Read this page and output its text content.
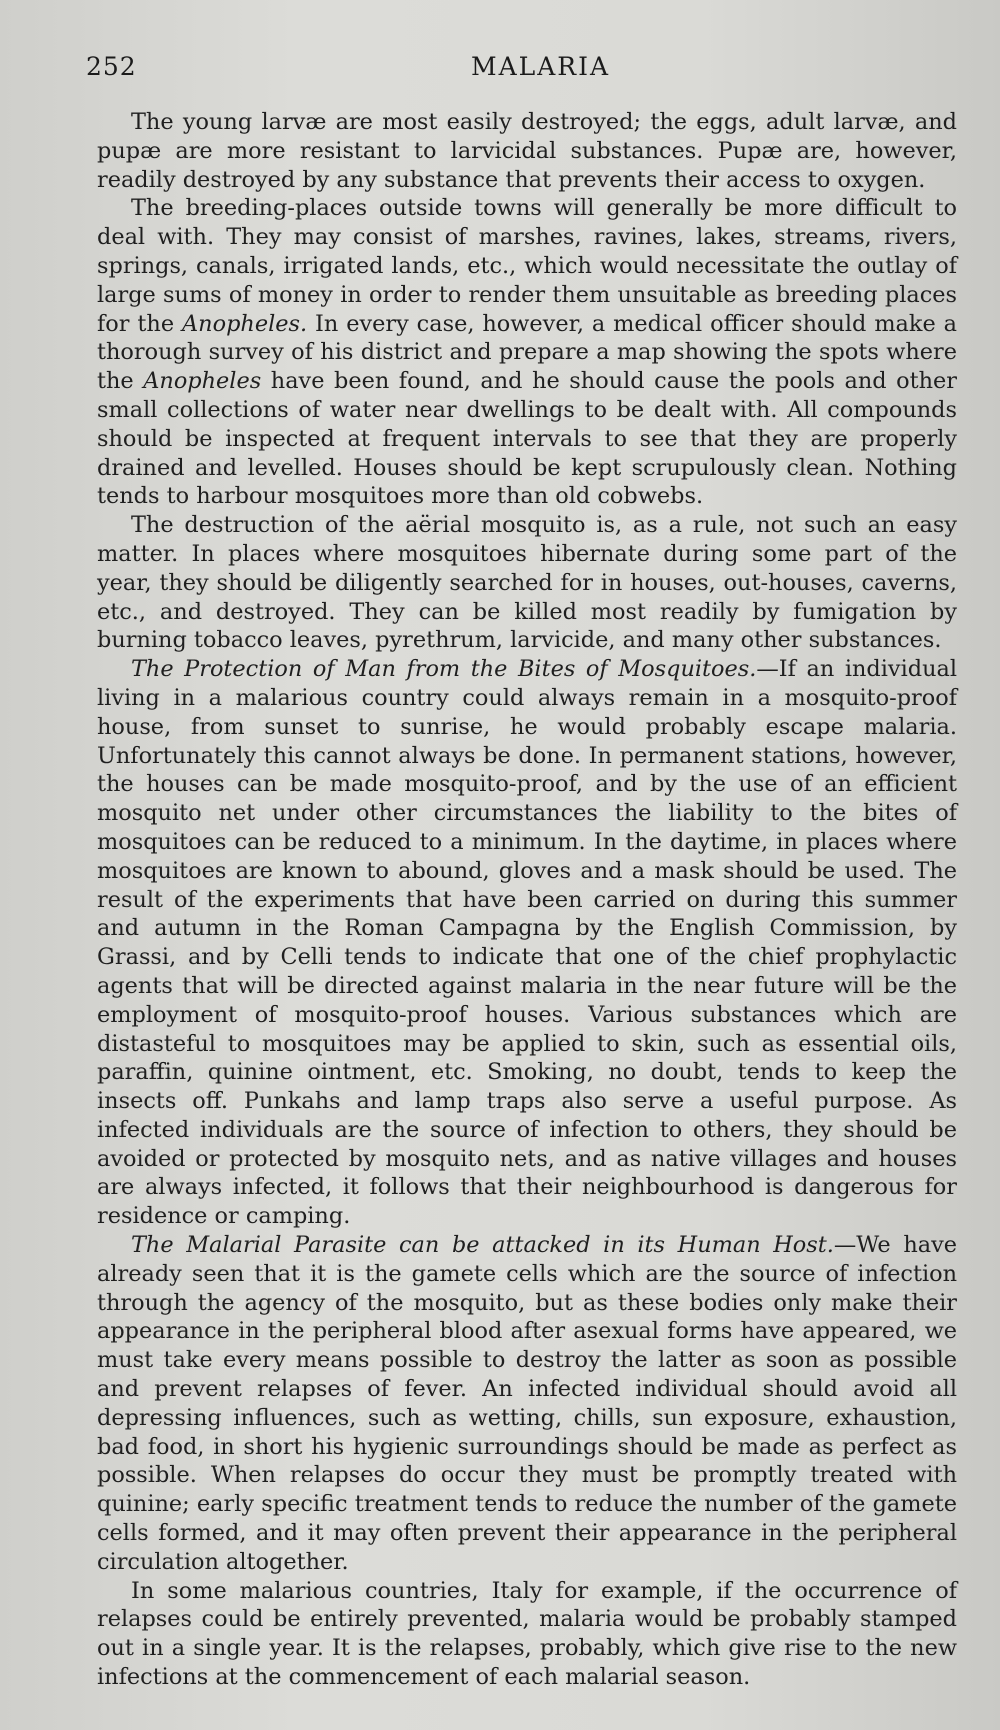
252	MALARIA

The young larvæ are most easily destroyed; the eggs, adult larvæ, and pupæ are more resistant to larvicidal substances. Pupæ are, however, readily destroyed by any substance that prevents their access to oxygen.

The breeding-places outside towns will generally be more difficult to deal with. They may consist of marshes, ravines, lakes, streams, rivers, springs, canals, irrigated lands, etc., which would necessitate the outlay of large sums of money in order to render them unsuitable as breeding places for the Anopheles. In every case, however, a medical officer should make a thorough survey of his district and prepare a map showing the spots where the Anopheles have been found, and he should cause the pools and other small collections of water near dwellings to be dealt with. All compounds should be inspected at frequent intervals to see that they are properly drained and levelled. Houses should be kept scrupulously clean. Nothing tends to harbour mosquitoes more than old cobwebs.

The destruction of the aërial mosquito is, as a rule, not such an easy matter. In places where mosquitoes hibernate during some part of the year, they should be diligently searched for in houses, out-houses, caverns, etc., and destroyed. They can be killed most readily by fumigation by burning tobacco leaves, pyrethrum, larvicide, and many other substances.

The Protection of Man from the Bites of Mosquitoes.—If an individual living in a malarious country could always remain in a mosquito-proof house, from sunset to sunrise, he would probably escape malaria. Unfortunately this cannot always be done. In permanent stations, however, the houses can be made mosquito-proof, and by the use of an efficient mosquito net under other circumstances the liability to the bites of mosquitoes can be reduced to a minimum. In the daytime, in places where mosquitoes are known to abound, gloves and a mask should be used. The result of the experiments that have been carried on during this summer and autumn in the Roman Campagna by the English Commission, by Grassi, and by Celli tends to indicate that one of the chief prophylactic agents that will be directed against malaria in the near future will be the employment of mosquito-proof houses. Various substances which are distasteful to mosquitoes may be applied to skin, such as essential oils, paraffin, quinine ointment, etc. Smoking, no doubt, tends to keep the insects off. Punkahs and lamp traps also serve a useful purpose. As infected individuals are the source of infection to others, they should be avoided or protected by mosquito nets, and as native villages and houses are always infected, it follows that their neighbourhood is dangerous for residence or camping.

The Malarial Parasite can be attacked in its Human Host.—We have already seen that it is the gamete cells which are the source of infection through the agency of the mosquito, but as these bodies only make their appearance in the peripheral blood after asexual forms have appeared, we must take every means possible to destroy the latter as soon as possible and prevent relapses of fever. An infected individual should avoid all depressing influences, such as wetting, chills, sun exposure, exhaustion, bad food, in short his hygienic surroundings should be made as perfect as possible. When relapses do occur they must be promptly treated with quinine; early specific treatment tends to reduce the number of the gamete cells formed, and it may often prevent their appearance in the peripheral circulation altogether.

In some malarious countries, Italy for example, if the occurrence of relapses could be entirely prevented, malaria would be probably stamped out in a single year. It is the relapses, probably, which give rise to the new infections at the commencement of each malarial season.
